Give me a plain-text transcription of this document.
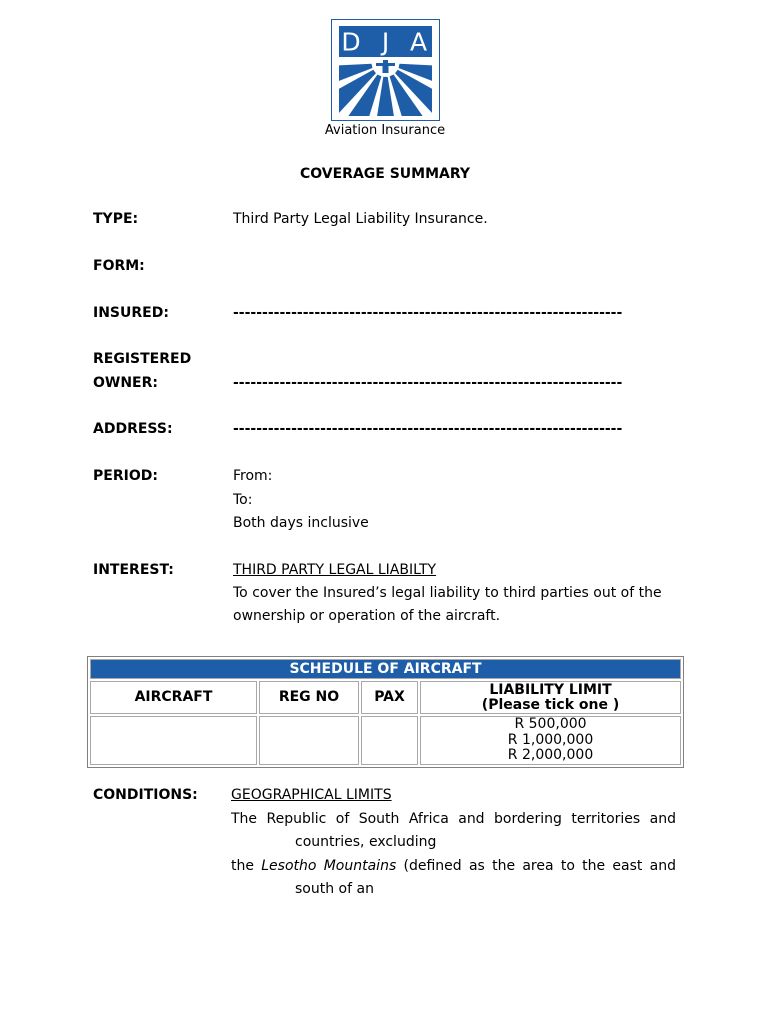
D J A
Aviation Insurance
COVERAGE SUMMARY
TYPE:	Third Party Legal Liability Insurance.
FORM:
INSURED:	-------------------------------------------------------------------
REGISTERED
OWNER:	-------------------------------------------------------------------
ADDRESS:	-------------------------------------------------------------------
PERIOD:	From:
To:
Both days inclusive
INTEREST:	THIRD PARTY LEGAL LIABILTY
To cover the Insured’s legal liability to third parties out of the
ownership or operation of the aircraft.
SCHEDULE OF AIRCRAFT			
AIRCRAFT	REG NO	PAX	LIABILITY LIMIT
(Please tick one )

			R 500,000
R 1,000,000
R 2,000,000
CONDITIONS: GEOGRAPHICAL LIMITS
The Republic of South Africa and bordering territories and
countries, excluding
the Lesotho Mountains (defined as the area to the east and
south of an
